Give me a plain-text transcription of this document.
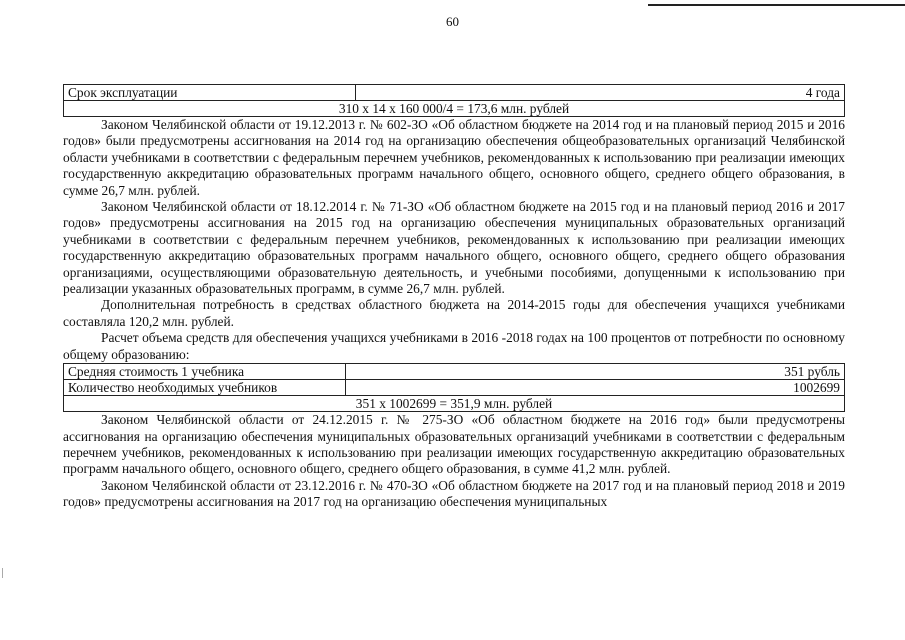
60
Срок эксплуатации	4 года
310 х 14 х 160 000/4 = 173,6 млн. рублей

Законом Челябинской области от 19.12.2013 г. № 602-ЗО «Об областном бюджете на 2014 год и на плановый период 2015 и 2016 годов» были предусмотрены ассигнования на 2014 год на организацию обеспечения общеобразовательных организаций Челябинской области учебниками в соответствии с федеральным перечнем учебников, рекомендованных к использованию при реализации имеющих государственную аккредитацию образовательных программ начального общего, основного общего, среднего общего образования, в сумме 26,7 млн. рублей.

Законом Челябинской области от 18.12.2014 г. № 71-ЗО «Об областном бюджете на 2015 год и на плановый период 2016 и 2017 годов» предусмотрены ассигнования на 2015 год на организацию обеспечения муниципальных образовательных организаций учебниками в соответствии с федеральным перечнем учебников, рекомендованных к использованию при реализации имеющих государственную аккредитацию образовательных программ начального общего, основного общего, среднего общего образования организациями, осуществляющими образовательную деятельность, и учебными пособиями, допущенными к использованию при реализации указанных образовательных программ, в сумме 26,7 млн. рублей.

Дополнительная потребность в средствах областного бюджета на 2014-2015 годы для обеспечения учащихся учебниками составляла 120,2 млн. рублей.

Расчет объема средств для обеспечения учащихся учебниками в 2016 -2018 годах на 100 процентов от потребности по основному общему образованию:

Средняя стоимость 1 учебника	351 рубль
Количество необходимых учебников	1002699
351 х 1002699 = 351,9 млн. рублей	

Законом Челябинской области от 24.12.2015 г. № 275-ЗО «Об областном бюджете на 2016 год» были предусмотрены ассигнования на организацию обеспечения муниципальных образовательных организаций учебниками в соответствии с федеральным перечнем учебников, рекомендованных к использованию при реализации имеющих государственную аккредитацию образовательных программ начального общего, основного общего, среднего общего образования, в сумме 41,2 млн. рублей.

Законом Челябинской области от 23.12.2016 г. № 470-ЗО «Об областном бюджете на 2017 год и на плановый период 2018 и 2019 годов» предусмотрены ассигнования на 2017 год на организацию обеспечения муниципальных
